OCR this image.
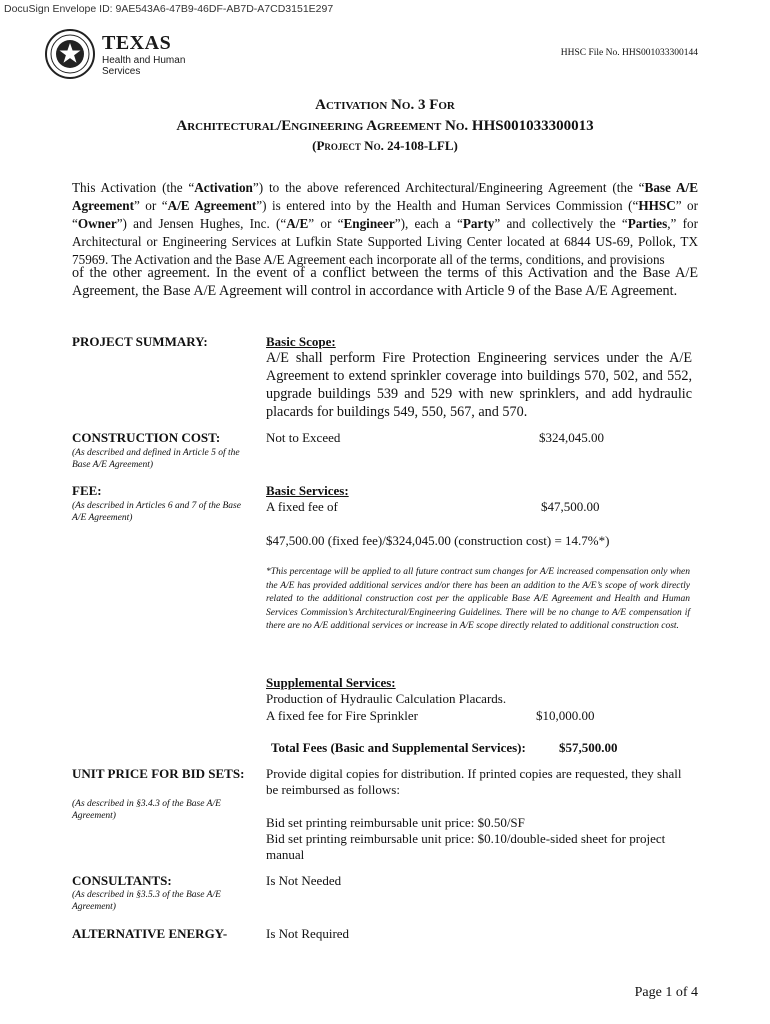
DocuSign Envelope ID: 9AE543A6-47B9-46DF-AB7D-A7CD3151E297
TEXAS
Health and Human Services
HHSC File No. HHS001033300144
Activation No. 3 For
Architectural/Engineering Agreement No. HHS001033300013
(Project No. 24-108-LFL)
This Activation (the “Activation”) to the above referenced Architectural/Engineering Agreement (the “Base A/E Agreement” or “A/E Agreement”) is entered into by the Health and Human Services Commission (“HHSC” or “Owner”) and Jensen Hughes, Inc. (“A/E” or “Engineer”), each a “Party” and collectively the “Parties,” for Architectural or Engineering Services at Lufkin State Supported Living Center located at 6844 US-69, Pollok, TX 75969. The Activation and the Base A/E Agreement each incorporate all of the terms, conditions, and provisions
of the other agreement. In the event of a conflict between the terms of this Activation and the Base A/E Agreement, the Base A/E Agreement will control in accordance with Article 9 of the Base A/E Agreement.
PROJECT SUMMARY:	Basic Scope:
A/E shall perform Fire Protection Engineering services under the A/E Agreement to extend sprinkler coverage into buildings 570, 502, and 552, upgrade buildings 539 and 529 with new sprinklers, and add hydraulic placards for buildings 549, 550, 567, and 570.
CONSTRUCTION COST:
(As described and defined in Article 5 of the Base A/E Agreement)
Not to Exceed	$324,045.00
FEE:
(As described in Articles 6 and 7 of the Base A/E Agreement)
Basic Services:
A fixed fee of	$47,500.00
$47,500.00 (fixed fee)/$324,045.00 (construction cost) = 14.7%*)
*This percentage will be applied to all future contract sum changes for A/E increased compensation only when the A/E has provided additional services and/or there has been an addition to the A/E’s scope of work directly related to the additional construction cost per the applicable Base A/E Agreement and Health and Human Services Commission’s Architectural/Engineering Guidelines. There will be no change to A/E compensation if there are no A/E additional services or increase in A/E scope directly related to additional construction cost.
Supplemental Services:
Production of Hydraulic Calculation Placards.
A fixed fee for Fire Sprinkler	$10,000.00
Total Fees (Basic and Supplemental Services):	$57,500.00
UNIT PRICE FOR BID SETS:
(As described in §3.4.3 of the Base A/E Agreement)
Provide digital copies for distribution. If printed copies are requested, they shall be reimbursed as follows:
Bid set printing reimbursable unit price: $0.50/SF
Bid set printing reimbursable unit price: $0.10/double-sided sheet for project manual
CONSULTANTS:
(As described in §3.5.3 of the Base A/E Agreement)
Is Not Needed
ALTERNATIVE ENERGY-	Is Not Required
Page 1 of 4
